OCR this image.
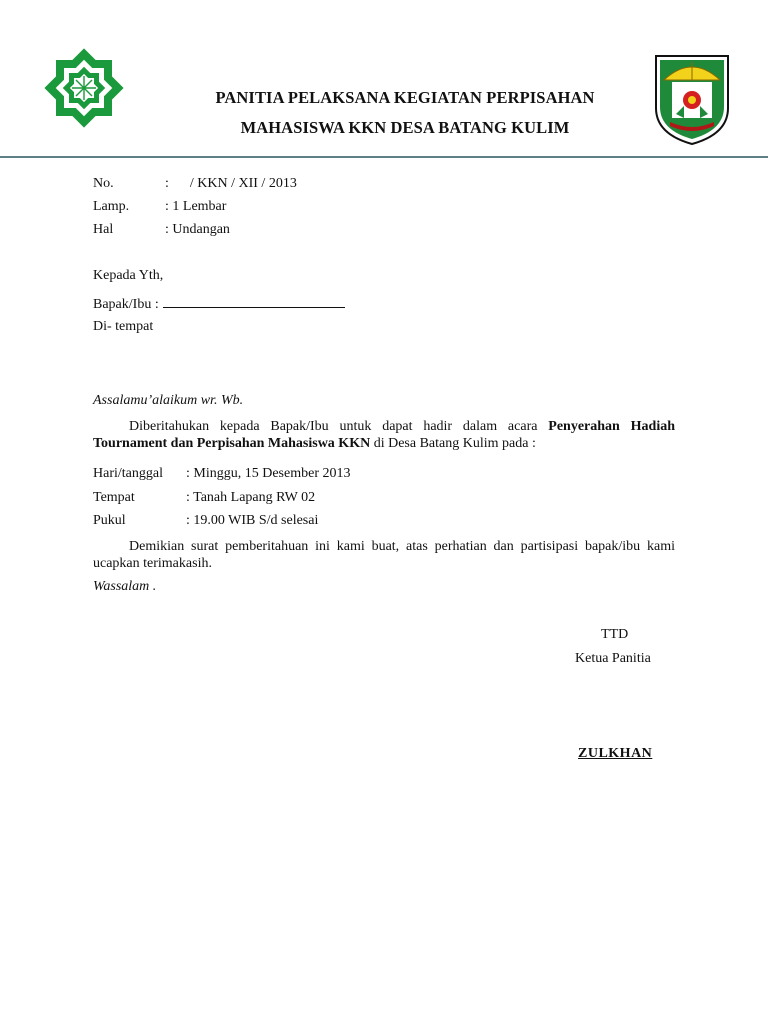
PANITIA PELAKSANA KEGIATAN PERPISAHAN
MAHASISWA KKN DESA BATANG KULIM
No.	:      / KKN / XII / 2013
Lamp.	: 1 Lembar
Hal	: Undangan
Kepada Yth,
Bapak/Ibu :
Di- tempat
Assalamu’alaikum wr. Wb.
Diberitahukan kepada Bapak/Ibu untuk dapat hadir dalam acara Penyerahan Hadiah Tournament dan Perpisahan Mahasiswa KKN di Desa Batang Kulim pada :
Hari/tanggal : Minggu, 15 Desember 2013
Tempat	: Tanah Lapang RW 02
Pukul	: 19.00 WIB S/d selesai
Demikian surat pemberitahuan ini kami buat, atas perhatian dan partisipasi bapak/ibu kami ucapkan terimakasih.
Wassalam .
TTD
Ketua Panitia
ZULKHAN
